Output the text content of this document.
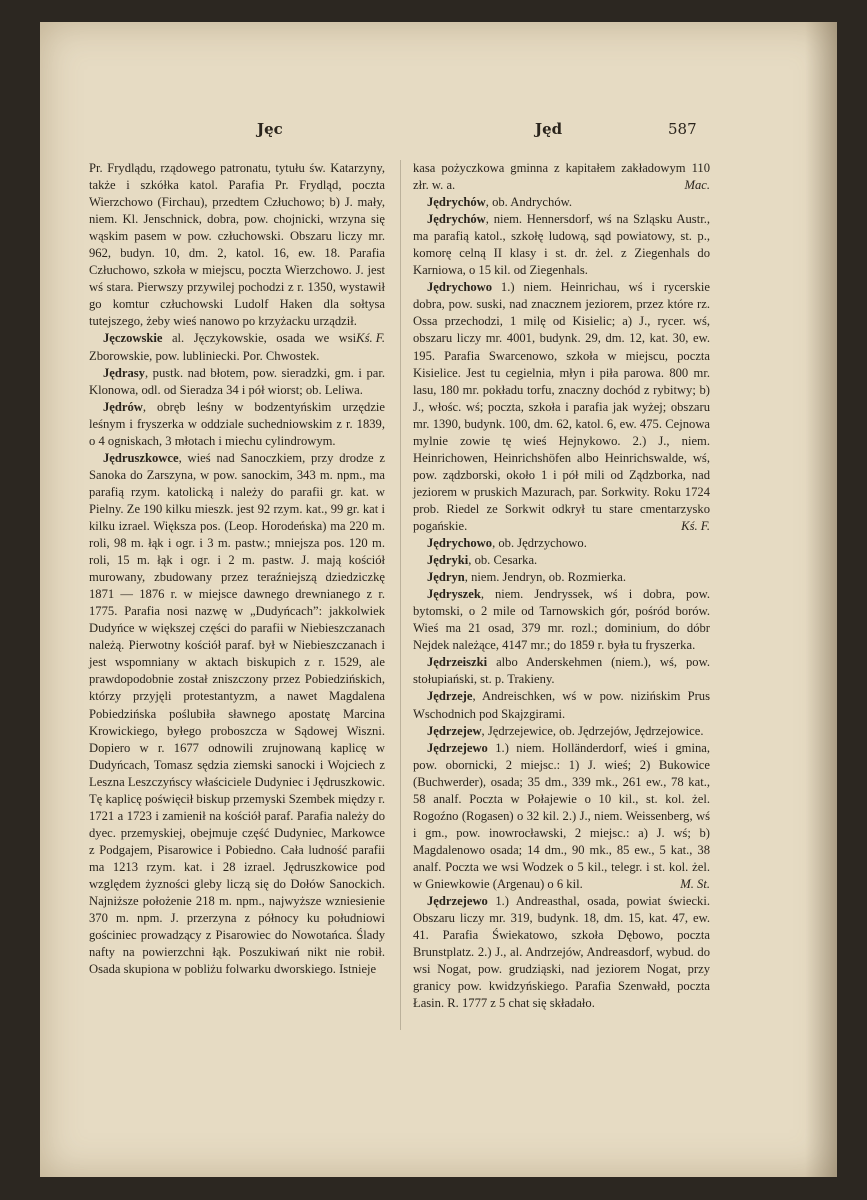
Jęc	Jęd	587

Pr. Frydlądu, rządowego patronatu, tytułu św. Katarzyny, także i szkółka katol. Parafia Pr. Frydląd, poczta Wierzchowo (Firchau), przedtem Człuchowo; b) J. mały, niem. Kl. Jenschnick, dobra, pow. chojnicki, wrzyna się wąskim pasem w pow. człuchowski. Obszaru liczy mr. 962, budyn. 10, dm. 2, katol. 16, ew. 18. Parafia Człuchowo, szkoła w miejscu, poczta Wierzchowo. J. jest wś stara. Pierwszy przywilej pochodzi z r. 1350, wystawił go komtur człuchowski Ludolf Haken dla sołtysa tutejszego, żeby wieś nanowo po krzyżacku urządził.
Kś. F.

Jęczowskie al. Jęczykowskie, osada we wsi Zborowskie, pow. lubliniecki. Por. Chwostek.

Jędrasy, pustk. nad błotem, pow. sieradzki, gm. i par. Klonowa, odl. od Sieradza 34 i pół wiorst; ob. Leliwa.

Jędrów, obręb leśny w bodzentyńskim urzędzie leśnym i fryszerka w oddziale suchedniowskim z r. 1839, o 4 ogniskach, 3 młotach i miechu cylindrowym.

Jędruszkowce, wieś nad Sanoczkiem, przy drodze z Sanoka do Zarszyna, w pow. sanockim, 343 m. npm., ma parafią rzym. katolicką i należy do parafii gr. kat. w Pielny. Ze 190 kilku mieszk. jest 92 rzym. kat., 99 gr. kat i kilku izrael. Większa pos. (Leop. Horodeńska) ma 220 m. roli, 98 m. łąk i ogr. i 3 m. pastw.; mniejsza pos. 120 m. roli, 15 m. łąk i ogr. i 2 m. pastw. J. mają kościół murowany, zbudowany przez teraźniejszą dziedziczkę 1871 — 1876 r. w miejsce dawnego drewnianego z r. 1775. Parafia nosi nazwę w „Dudyńcach”: jakkolwiek Dudyńce w większej części do parafii w Niebieszczanach należą. Pierwotny kościół paraf. był w Niebieszczanach i jest wspomniany w aktach biskupich z r. 1529, ale prawdopodobnie został zniszczony przez Pobiedzińskich, którzy przyjęli protestantyzm, a nawet Magdalena Pobiedzińska poślubiła sławnego apostatę Marcina Krowickiego, byłego proboszcza w Sądowej Wiszni. Dopiero w r. 1677 odnowili zrujnowaną kaplicę w Dudyńcach, Tomasz sędzia ziemski sanocki i Wojciech z Leszna Leszczyńscy właściciele Dudyniec i Jędruszkowic. Tę kaplicę poświęcił biskup przemyski Szembek między r. 1721 a 1723 i zamienił na kościół paraf. Parafia należy do dyec. przemyskiej, obejmuje część Dudyniec, Markowce z Podgajem, Pisarowice i Pobiedno. Cała ludność parafii ma 1213 rzym. kat. i 28 izrael. Jędruszkowice pod względem żyzności gleby liczą się do Dołów Sanockich. Najniższe położenie 218 m. npm., najwyższe wzniesienie 370 m. npm. J. przerzyna z północy ku południowi gościniec prowadzący z Pisarowiec do Nowotańca. Ślady nafty na powierzchni łąk. Poszukiwań nikt nie robił. Osada skupiona w pobliżu folwarku dworskiego. Istnieje

kasa pożyczkowa gminna z kapitałem zakładowym 110 złr. w. a.	Mac.

Jędrychów, ob. Andrychów.

Jędrychów, niem. Hennersdorf, wś na Szląsku Austr., ma parafią katol., szkołę ludową, sąd powiatowy, st. p., komorę celną II klasy i st. dr. żel. z Ziegenhals do Karniowa, o 15 kil. od Ziegenhals.

Jędrychowo 1.) niem. Heinrichau, wś i rycerskie dobra, pow. suski, nad znacznem jeziorem, przez które rz. Ossa przechodzi, 1 milę od Kisielic; a) J., rycer. wś, obszaru liczy mr. 4001, budynk. 29, dm. 12, kat. 30, ew. 195. Parafia Swarcenowo, szkoła w miejscu, poczta Kisielice. Jest tu cegielnia, młyn i piła parowa. 800 mr. lasu, 180 mr. pokładu torfu, znaczny dochód z rybitwy; b) J., włośc. wś; poczta, szkoła i parafia jak wyżej; obszaru mr. 1390, budynk. 100, dm. 62, katol. 6, ew. 475. Cejnowa mylnie zowie tę wieś Hejnykowo. 2.) J., niem. Heinrichowen, Heinrichshöfen albo Heinrichswalde, wś, pow. ządzborski, około 1 i pół mili od Ządzborka, nad jeziorem w pruskich Mazurach, par. Sorkwity. Roku 1724 prob. Riedel ze Sorkwit odkrył tu stare cmentarzysko pogańskie.	Kś. F.

Jędrychowo, ob. Jędrzychowo.

Jędryki, ob. Cesarka.

Jędryn, niem. Jendryn, ob. Rozmierka.

Jędryszek, niem. Jendryssek, wś i dobra, pow. bytomski, o 2 mile od Tarnowskich gór, pośród borów. Wieś ma 21 osad, 379 mr. rozl.; dominium, do dóbr Nejdek należące, 4147 mr.; do 1859 r. była tu fryszerka.

Jędrzeiszki albo Anderskehmen (niem.), wś, pow. stołupiański, st. p. Trakieny.

Jędrzeje, Andreischken, wś w pow. nizińskim Prus Wschodnich pod Skajzgirami.

Jędrzejew, Jędrzejewice, ob. Jędrzejów, Jędrzejowice.

Jędrzejewo 1.) niem. Holländerdorf, wieś i gmina, pow. obornicki, 2 miejsc.: 1) J. wieś; 2) Bukowice (Buchwerder), osada; 35 dm., 339 mk., 261 ew., 78 kat., 58 analf. Poczta w Połajewie o 10 kil., st. kol. żel. Rogoźno (Rogasen) o 32 kil. 2.) J., niem. Weissenberg, wś i gm., pow. inowrocławski, 2 miejsc.: a) J. wś; b) Magdalenowo osada; 14 dm., 90 mk., 85 ew., 5 kat., 38 analf. Poczta we wsi Wodzek o 5 kil., telegr. i st. kol. żel. w Gniewkowie (Argenau) o 6 kil.	M. St.

Jędrzejewo 1.) Andreasthal, osada, powiat świecki. Obszaru liczy mr. 319, budynk. 18, dm. 15, kat. 47, ew. 41. Parafia Świekatowo, szkoła Dębowo, poczta Brunstplatz. 2.) J., al. Andrzejów, Andreasdorf, wybud. do wsi Nogat, pow. grudziąski, nad jeziorem Nogat, przy granicy pow. kwidzyńskiego. Parafia Szenwałd, poczta Łasin. R. 1777 z 5 chat się składało.
